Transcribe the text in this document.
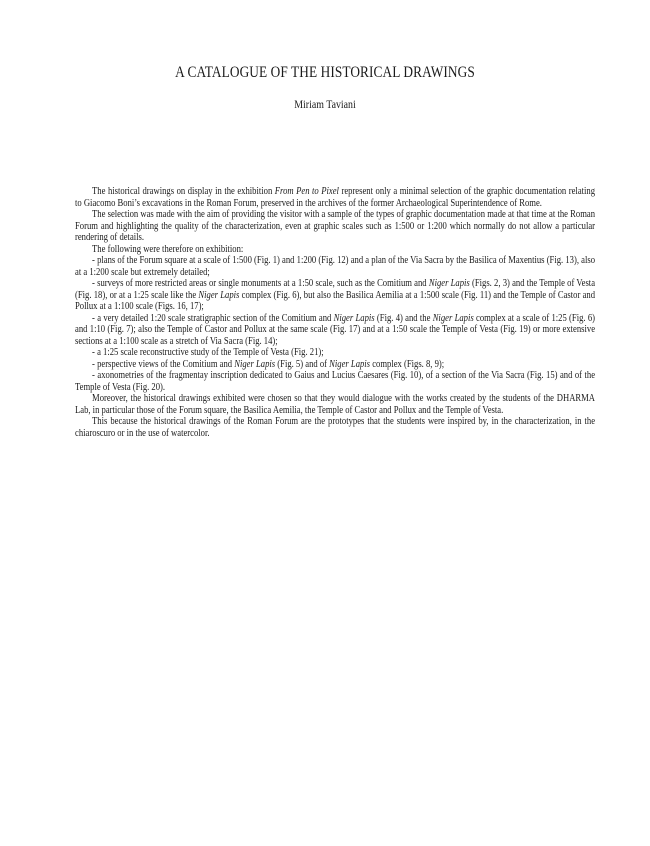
A CATALOGUE OF THE HISTORICAL DRAWINGS
Miriam Taviani

The historical drawings on display in the exhibition From Pen to Pixel represent only a minimal selection of the graphic documentation relating to Giacomo Boni’s excavations in the Roman Forum, preserved in the archives of the former Archaeological Superintendence of Rome.

The selection was made with the aim of providing the visitor with a sample of the types of graphic documentation made at that time at the Roman Forum and highlighting the quality of the characterization, even at graphic scales such as 1:500 or 1:200 which normally do not allow a particular rendering of details.

The following were therefore on exhibition:

- plans of the Forum square at a scale of 1:500 (Fig. 1) and 1:200 (Fig. 12) and a plan of the Via Sacra by the Basilica of Maxentius (Fig. 13), also at a 1:200 scale but extremely detailed;

- surveys of more restricted areas or single monuments at a 1:50 scale, such as the Comitium and Niger Lapis (Figs. 2, 3) and the Temple of Vesta (Fig. 18), or at a 1:25 scale like the Niger Lapis complex (Fig. 6), but also the Basilica Aemilia at a 1:500 scale (Fig. 11) and the Temple of Castor and Pollux at a 1:100 scale (Figs. 16, 17);

- a very detailed 1:20 scale stratigraphic section of the Comitium and Niger Lapis (Fig. 4) and the Niger Lapis complex at a scale of 1:25 (Fig. 6) and 1:10 (Fig. 7); also the Temple of Castor and Pollux at the same scale (Fig. 17) and at a 1:50 scale the Temple of Vesta (Fig. 19) or more extensive sections at a 1:100 scale as a stretch of Via Sacra (Fig. 14);

- a 1:25 scale reconstructive study of the Temple of Vesta (Fig. 21);

- perspective views of the Comitium and Niger Lapis (Fig. 5) and of Niger Lapis complex (Figs. 8, 9);

- axonometries of the fragmentay inscription dedicated to Gaius and Lucius Caesares (Fig. 10), of a section of the Via Sacra (Fig. 15) and of the Temple of Vesta (Fig. 20).

Moreover, the historical drawings exhibited were chosen so that they would dialogue with the works created by the students of the DHARMA Lab, in particular those of the Forum square, the Basilica Aemilia, the Temple of Castor and Pollux and the Temple of Vesta.

This because the historical drawings of the Roman Forum are the prototypes that the students were inspired by, in the characterization, in the chiaroscuro or in the use of watercolor.
